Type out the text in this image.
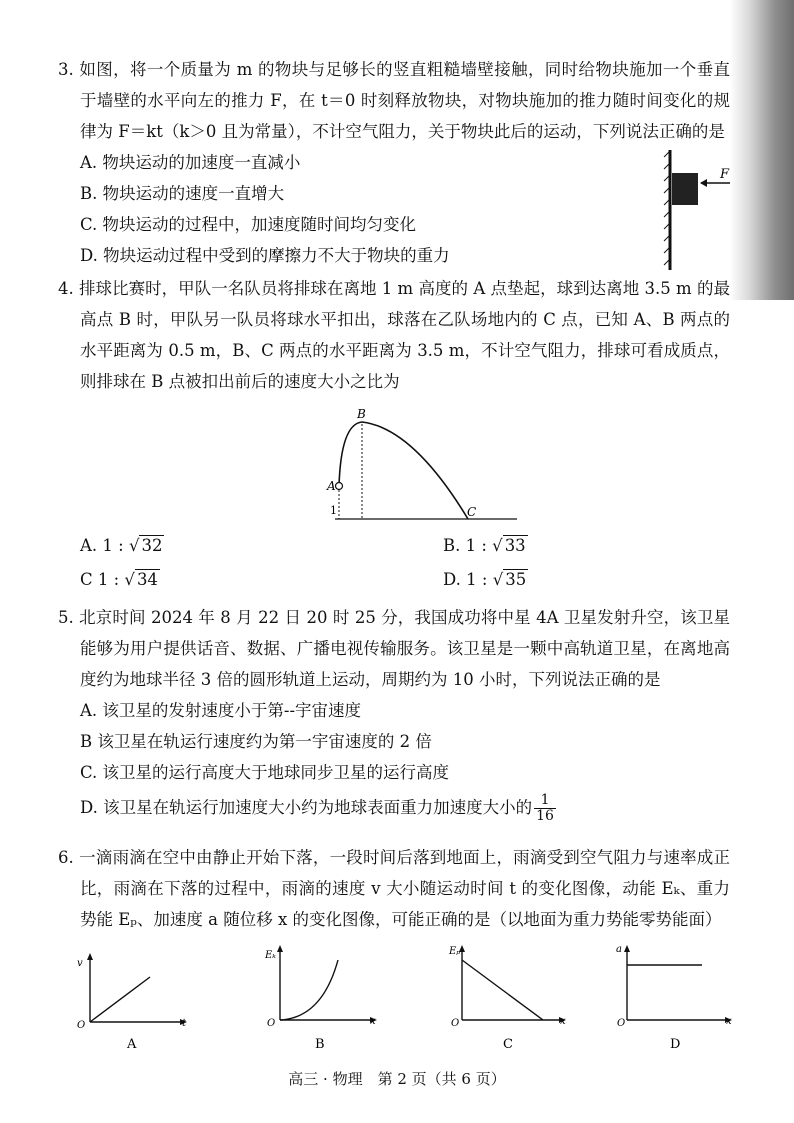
3. 如图，将一个质量为 m 的物块与足够长的竖直粗糙墙壁接触，同时给物块施加一个垂直于墙壁的水平向左的推力 F，在 t＝0 时刻释放物块，对物块施加的推力随时间变化的规律为 F＝kt（k＞0 且为常量），不计空气阻力，关于物块此后的运动，下列说法正确的是

A. 物块运动的加速度一直减小

B. 物块运动的速度一直增大

C. 物块运动的过程中，加速度随时间均匀变化

D. 物块运动过程中受到的摩擦力不大于物块的重力

F

4. 排球比赛时，甲队一名队员将排球在离地 1 m 高度的 A 点垫起，球到达离地 3.5 m 的最高点 B 时，甲队另一队员将球水平扣出，球落在乙队场地内的 C 点，已知 A、B 两点的水平距离为 0.5 m，B、C 两点的水平距离为 3.5 m，不计空气阻力，排球可看成质点，则排球在 B 点被扣出前后的速度大小之比为

A
B
C
1
A. 1 : √ 32	B. 1 : √ 33
C 1 : √ 34	D. 1 : √ 35

5. 北京时间 2024 年 8 月 22 日 20 时 25 分，我国成功将中星 4A 卫星发射升空，该卫星能够为用户提供话音、数据、广播电视传输服务。该卫星是一颗中高轨道卫星，在离地高度约为地球半径 3 倍的圆形轨道上运动，周期约为 10 小时，下列说法正确的是

A. 该卫星的发射速度小于第--宇宙速度

B 该卫星在轨运行速度约为第一宇宙速度的 2 倍

C. 该卫星的运行高度大于地球同步卫星的运行高度

D. 该卫星在轨运行加速度大小约为地球表面重力加速度大小的 $\frac{1}{16}$

6. 一滴雨滴在空中由静止开始下落，一段时间后落到地面上，雨滴受到空气阻力与速率成正比，雨滴在下落的过程中，雨滴的速度 v 大小随运动时间 t 的变化图像，动能 Eₖ、重力势能 Eₚ、加速度 a 随位移 x 的变化图像，可能正确的是（以地面为重力势能零势能面）

v
t
O
A
Eₖ
x
O
B
Eₚ
x
O
C
a
x
O
D
高三 · 物理　第 2 页（共 6 页）
